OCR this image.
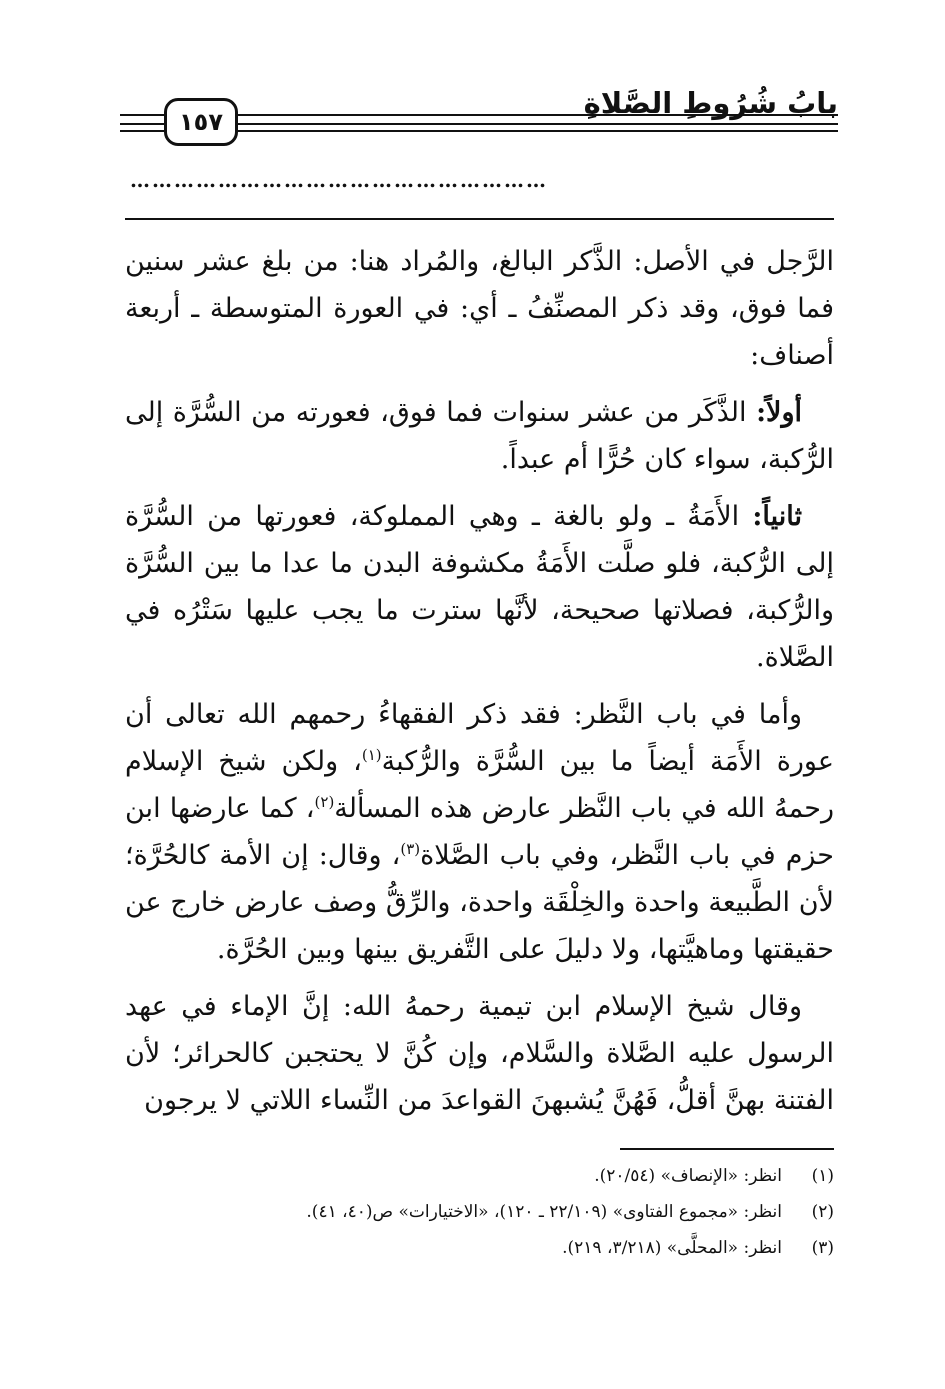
١٥٧
بابُ شُرُوطِ الصَّلاةِ
…………………………………………………

الرَّجل في الأصل: الذَّكر البالغ، والمُراد هنا: من بلغ عشر سنين فما فوق، وقد ذكر المصنِّفُ ـ أي: في العورة المتوسطة ـ أربعة أصناف:

أولاً: الذَّكَر من عشر سنوات فما فوق، فعورته من السُّرَّة إلى الرُّكبة، سواء كان حُرًّا أم عبداً.

ثانياً: الأَمَةُ ـ ولو بالغة ـ وهي المملوكة، فعورتها من السُّرَّة إلى الرُّكبة، فلو صلَّت الأَمَةُ مكشوفة البدن ما عدا ما بين السُّرَّة والرُّكبة، فصلاتها صحيحة، لأنَّها سترت ما يجب عليها سَتْرُه في الصَّلاة.

وأما في باب النَّظر: فقد ذكر الفقهاءُ رحمهم الله تعالى أن عورة الأَمَة أيضاً ما بين السُّرَّة والرُّكبة$^{(١)}$، ولكن شيخ الإسلام رحمهُ الله في باب النَّظر عارض هذه المسألة$^{(٢)}$، كما عارضها ابن حزم في باب النَّظر، وفي باب الصَّلاة$^{(٣)}$، وقال: إن الأمة كالحُرَّة؛ لأن الطَّبيعة واحدة والخِلْقَة واحدة، والرِّقُّ وصف عارض خارج عن حقيقتها وماهيَّتها، ولا دليلَ على التَّفريق بينها وبين الحُرَّة.

وقال شيخ الإسلام ابن تيمية رحمهُ الله: إنَّ الإماء في عهد الرسول عليه الصَّلاة والسَّلام، وإن كُنَّ لا يحتجبن كالحرائر؛ لأن الفتنة بهنَّ أقلُّ، فَهُنَّ يُشبهنَ القواعدَ من النِّساء اللاتي لا يرجون

(١)
انظر: «الإنصاف» (٢٠/٥٤).
(٢)
انظر: «مجموع الفتاوى» (٢٢/١٠٩ ـ ١٢٠)، «الاختيارات» ص(٤٠، ٤١).
(٣)
انظر: «المحلَّى» (٣/٢١٨، ٢١٩).
